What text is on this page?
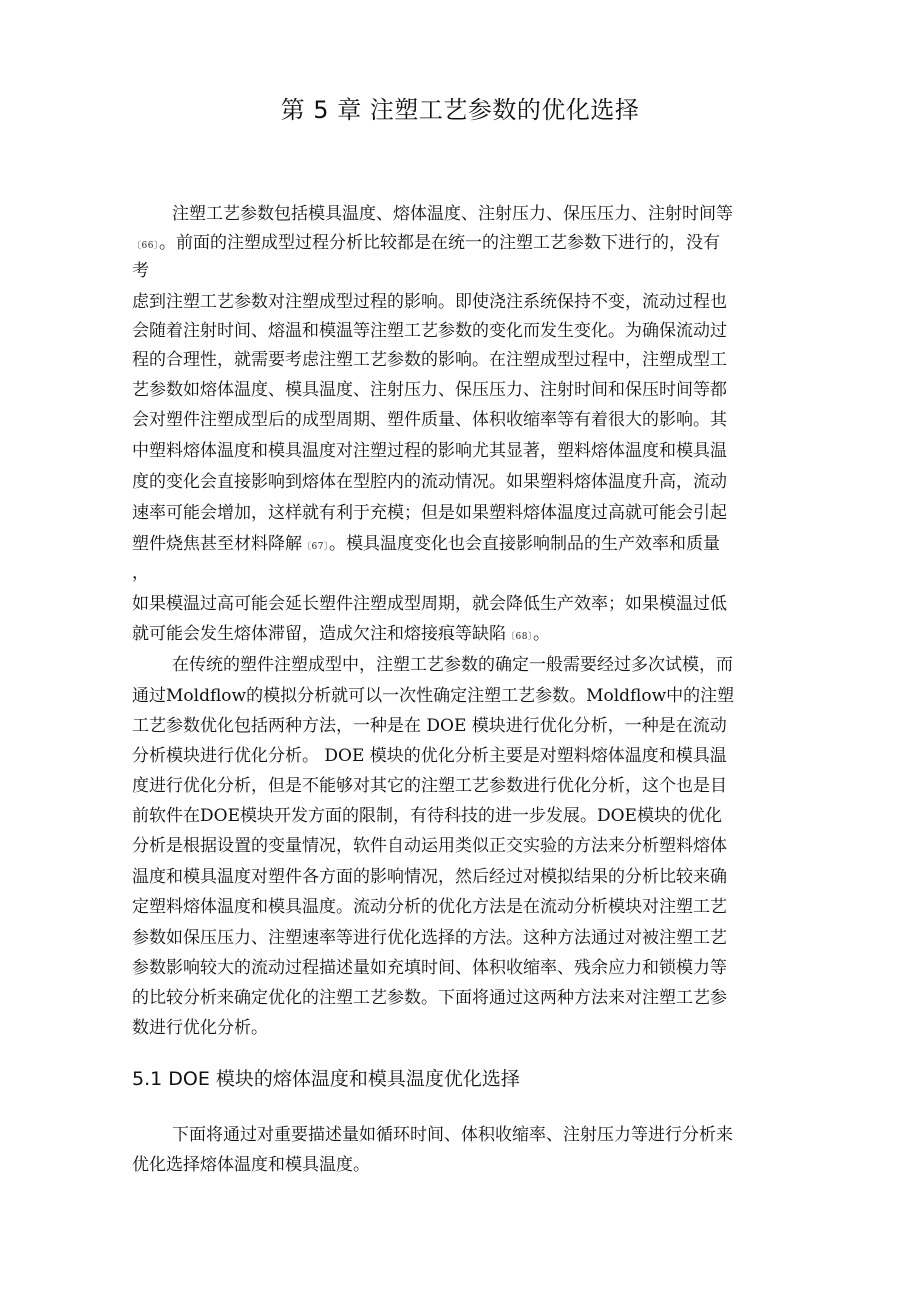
第 5 章 注塑工艺参数的优化选择
注塑工艺参数包括模具温度、熔体温度、注射压力、保压压力、注射时间等
〔66〕。前面的注塑成型过程分析比较都是在统一的注塑工艺参数下进行的，没有
考
虑到注塑工艺参数对注塑成型过程的影响。即使浇注系统保持不变，流动过程也
会随着注射时间、熔温和模温等注塑工艺参数的变化而发生变化。为确保流动过
程的合理性，就需要考虑注塑工艺参数的影响。在注塑成型过程中，注塑成型工
艺参数如熔体温度、模具温度、注射压力、保压压力、注射时间和保压时间等都
会对塑件注塑成型后的成型周期、塑件质量、体积收缩率等有着很大的影响。其
中塑料熔体温度和模具温度对注塑过程的影响尤其显著，塑料熔体温度和模具温
度的变化会直接影响到熔体在型腔内的流动情况。如果塑料熔体温度升高，流动
速率可能会增加，这样就有利于充模；但是如果塑料熔体温度过高就可能会引起
塑件烧焦甚至材料降解〔67〕。模具温度变化也会直接影响制品的生产效率和质量
，
如果模温过高可能会延长塑件注塑成型周期，就会降低生产效率；如果模温过低
就可能会发生熔体滞留，造成欠注和熔接痕等缺陷〔68〕。
在传统的塑件注塑成型中，注塑工艺参数的确定一般需要经过多次试模，而
通过Moldflow的模拟分析就可以一次性确定注塑工艺参数。Moldflow中的注塑
工艺参数优化包括两种方法，一种是在 DOE 模块进行优化分析，一种是在流动
分析模块进行优化分析。 DOE 模块的优化分析主要是对塑料熔体温度和模具温
度进行优化分析，但是不能够对其它的注塑工艺参数进行优化分析，这个也是目
前软件在DOE模块开发方面的限制，有待科技的进一步发展。DOE模块的优化
分析是根据设置的变量情况，软件自动运用类似正交实验的方法来分析塑料熔体
温度和模具温度对塑件各方面的影响情况，然后经过对模拟结果的分析比较来确
定塑料熔体温度和模具温度。流动分析的优化方法是在流动分析模块对注塑工艺
参数如保压压力、注塑速率等进行优化选择的方法。这种方法通过对被注塑工艺
参数影响较大的流动过程描述量如充填时间、体积收缩率、残余应力和锁模力等
的比较分析来确定优化的注塑工艺参数。下面将通过这两种方法来对注塑工艺参
数进行优化分析。
5.1 DOE 模块的熔体温度和模具温度优化选择
下面将通过对重要描述量如循环时间、体积收缩率、注射压力等进行分析来
优化选择熔体温度和模具温度。
